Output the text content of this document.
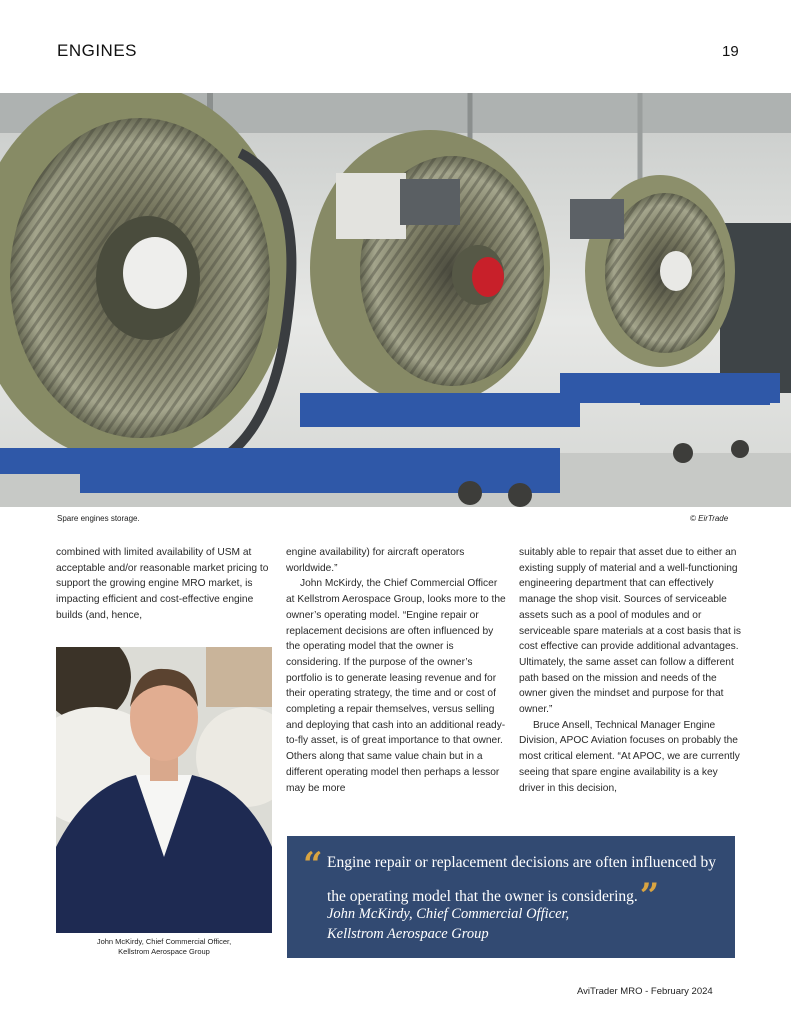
ENGINES	19
Spare engines storage.	© EirTrade

combined with limited availability of USM at acceptable and/or reasonable market pricing to support the growing engine MRO market, is impacting efficient and cost-effective engine builds (and, hence,

engine availability) for aircraft operators worldwide.”

John McKirdy, the Chief Commercial Officer at Kellstrom Aerospace Group, looks more to the owner’s operating model. “Engine repair or replacement decisions are often influenced by the operating model that the owner is considering. If the purpose of the owner’s portfolio is to generate leasing revenue and for their operating strategy, the time and or cost of completing a repair themselves, versus selling and deploying that cash into an additional ready-to-fly asset, is of great importance to that owner. Others along that same value chain but in a different operating model then perhaps a lessor may be more

suitably able to repair that asset due to either an existing supply of material and a well-functioning engineering department that can effectively manage the shop visit. Sources of serviceable assets such as a pool of modules and or serviceable spare materials at a cost basis that is cost effective can provide additional advantages. Ultimately, the same asset can follow a different path based on the mission and needs of the owner given the mindset and purpose for that owner.”

Bruce Ansell, Technical Manager Engine Division, APOC Aviation focuses on probably the most critical element. “At APOC, we are currently seeing that spare engine availability is a key driver in this decision,

John McKirdy, Chief Commercial Officer,
Kellstrom Aerospace Group
“ Engine repair or replacement decisions are often influenced by the operating model that the owner is considering.”
John McKirdy, Chief Commercial Officer,
Kellstrom Aerospace Group
AviTrader MRO - February 2024
